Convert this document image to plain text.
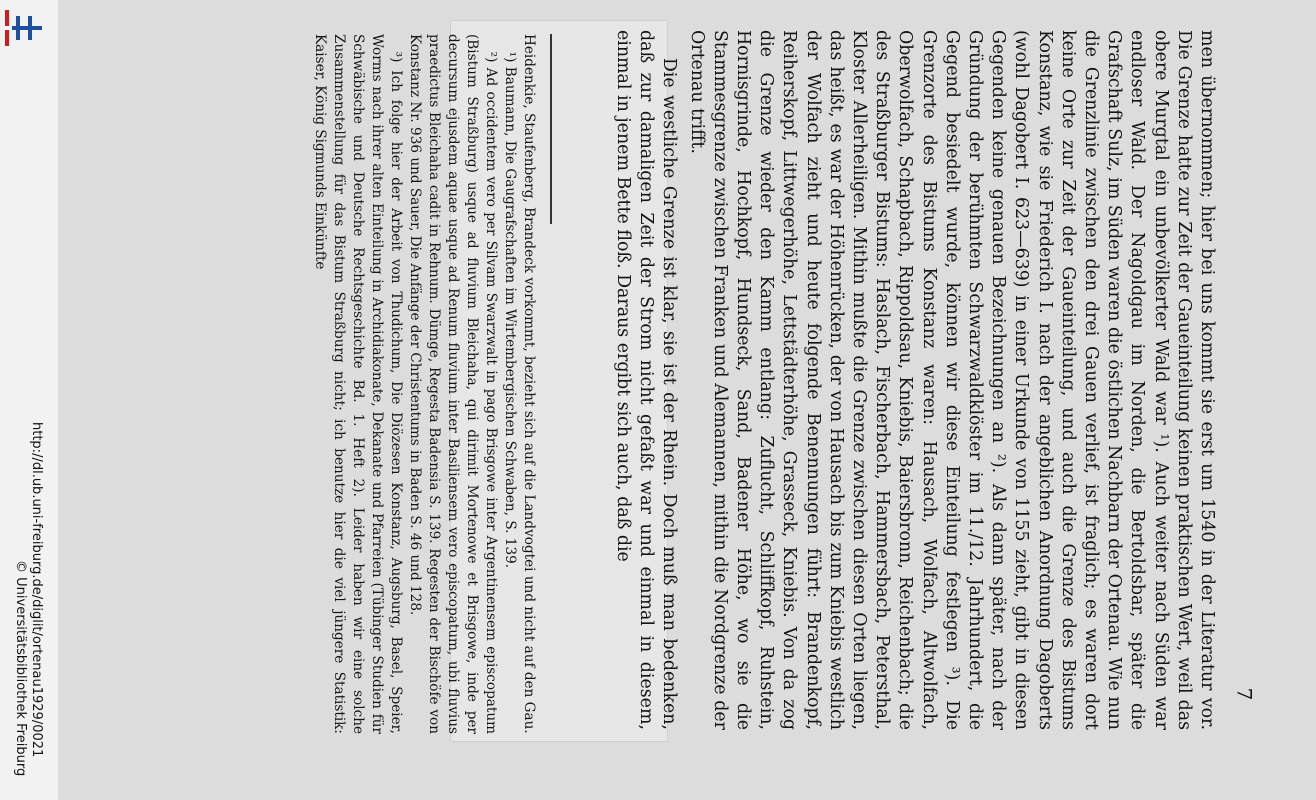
http://dl.ub.uni-freiburg.de/diglit/ortenau1929/0021
© Universitätsbibliothek Freiburg	7

men übernommen; hier bei uns kommt sie erst um 1540 in der Literatur vor. Die Grenze hatte zur Zeit der Gaueinteilung keinen praktischen Wert, weil das obere Murgtal ein unbevölkerter Wald war ¹). Auch weiter nach Süden war endloser Wald. Der Nagoldgau im Norden, die Bertoldsbar, später die Grafschaft Sulz, im Süden waren die östlichen Nachbarn der Ortenau. Wie nun die Grenzlinie zwischen den drei Gauen verlief, ist fraglich; es waren dort keine Orte zur Zeit der Gaueinteilung, und auch die Grenze des Bistums Konstanz, wie sie Friederich I. nach der angeblichen Anordnung Dagoberts (wohl Dagobert I. 623—639) in einer Urkunde von 1155 zieht, gibt in diesen Gegenden keine genauen Bezeichnungen an ²). Als dann später, nach der Gründung der berühmten Schwarzwaldklöster im 11./12. Jahrhundert, die Gegend besiedelt wurde, können wir diese Einteilung festlegen ³). Die Grenzorte des Bistums Konstanz waren: Hausach, Wolfach, Altwolfach, Oberwolfach, Schapbach, Rippoldsau, Kniebis, Baiersbronn, Reichenbach; die des Straßburger Bistums: Haslach, Fischerbach, Hammersbach, Petersthal, Kloster Allerheiligen. Mithin mußte die Grenze zwischen diesen Orten liegen, das heißt, es war der Höhenrücken, der von Hausach bis zum Kniebis westlich der Wolfach zieht und heute folgende Benennungen führt: Brandenkopf, Reiherskopf, Littwegerhöhe, Lettstädterhöhe, Grasseck, Kniebis. Von da zog die Grenze wieder den Kamm entlang: Zuflucht, Schliffkopf, Ruhstein, Hornisgrinde, Hochkopf, Hundseck, Sand, Badener Höhe, wo sie die Stammesgrenze zwischen Franken und Alemannen, mithin die Nordgrenze der Ortenau trifft.

Die westliche Grenze ist klar, sie ist der Rhein. Doch muß man bedenken, daß zur damaligen Zeit der Strom nicht gefaßt war und einmal in diesem, einmal in jenem Bette floß. Daraus ergibt sich auch, daß die

Heidenkie, Staufenberg, Brandeck vorkommt, bezieht sich auf die Landvogtei und nicht auf den Gau.

¹) Baumann, Die Gaugrafschaften im Wirtembergischen Schwaben, S. 139.

²) Ad occidentem vero per Silvam Swarzwalt in pago Brisgowe inter Argentinensem episcopatum (Bistum Straßburg) usque ad fluvium Bleichaha, qui dirimit Mortenowe et Brisgowe, inde per decursum ejusdem aquae usque ad Renum fluvium inter Basiliensem vero episcopatum, ubi fluvius praedictus Bleichaha cadit in Rehnum. Dümge, Regesta Badensia S. 139. Regesten der Bischöfe von Konstanz Nr. 936 und Sauer, Die Anfänge der Christentums in Baden S. 46 und 128.

³) Ich folge hier der Arbeit von Thudichum, Die Diözesen Konstanz, Augsburg, Basel, Speier, Worms nach ihrer alten Einteilung in Archidiakonate, Dekanate und Pfarreien (Tübinger Studien für Schwäbische und Deutsche Rechtsgeschichte Bd. 1. Heft 2). Leider haben wir eine solche Zusammenstellung für das Bistum Straßburg nicht; ich benutze hier die viel jüngere Statistik: Kaiser, König Sigmunds Einkünfte
